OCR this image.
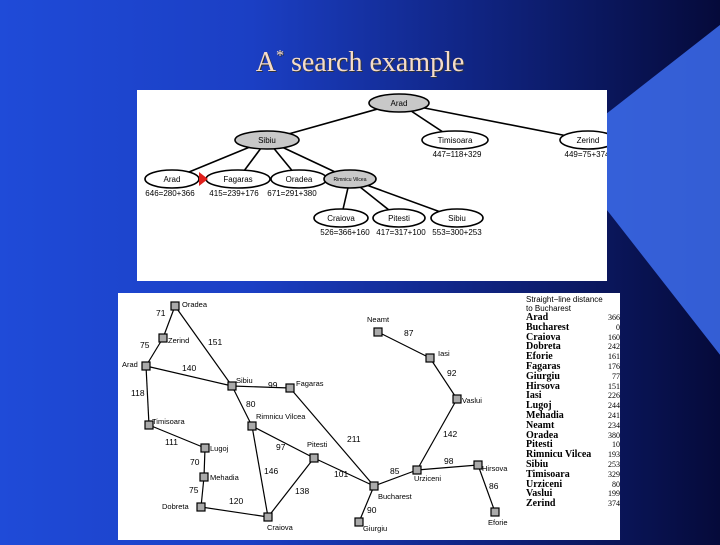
A* search example
Arad
Sibiu	Timisoara	Zerind
Arad	Fagaras	Oradea	Rimnicu Vilcea
Craiova	Pitesti	Sibiu
447=118+329	449=75+374
646=280+366 415=239+176 671=291+380
526=366+160 417=317+100 553=300+253
Oradea
Zerind
Arad
Sibiu	Fagaras
Timisoara
Rimnicu Vilcea
Lugoj
Mehadia
Dobreta
Craiova
Pitesti
Bucharest
Giurgiu
Urziceni
Hirsova
Eforie
Vaslui
Iasi
Neamt
71
75	151
140
118
99
80
111
70
75
120
146
97
138
211
101
90
85
98
86
142
92
87
Straight−line distance
to Bucharest
Arad	366
Bucharest	0
Craiova	160
Dobreta	242
Eforie	161
Fagaras	176
Giurgiu	77
Hirsova	151
Iasi	226
Lugoj	244
Mehadia	241
Neamt	234
Oradea	380
Pitesti	10
Rimnicu Vilcea 193
Sibiu	253
Timisoara	329
Urziceni	80
Vaslui	199
Zerind	374
